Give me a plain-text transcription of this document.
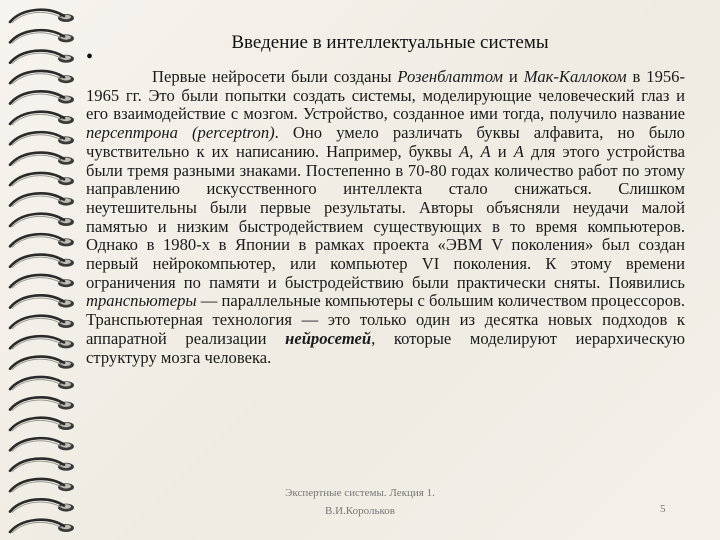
•
Введение в интеллектуальные системы

Первые нейросети были созданы Розенблаттом и Мак-Каллоком в 1956-1965 гг. Это были попытки создать системы, моделирующие человеческий глаз и его взаимодействие с мозгом. Устройство, созданное ими тогда, получило название персептрона (perceptron). Оно умело различать буквы алфавита, но было чувствительно к их написанию. Например, буквы А, А и А для этого устройства были тремя разными знаками. Постепенно в 70-80 годах количество работ по этому направлению искусственного интеллекта стало снижаться. Слишком неутешительны были первые результаты. Авторы объясняли неудачи малой памятью и низким быстродействием существующих в то время компьютеров. Однако в 1980-х в Японии в рамках проекта «ЭВМ V поколения» был создан первый нейрокомпьютер, или компьютер VI поколения. К этому времени ограничения по памяти и быстродействию были практически сняты. Появились транспьютеры — параллельные компьютеры с большим количеством процессоров. Транспьютерная технология — это только один из десятка новых подходов к аппаратной реализации нейросетей, которые моделируют иерархическую структуру мозга человека.

Экспертные системы. Лекция 1.
В.И.Корольков	5
